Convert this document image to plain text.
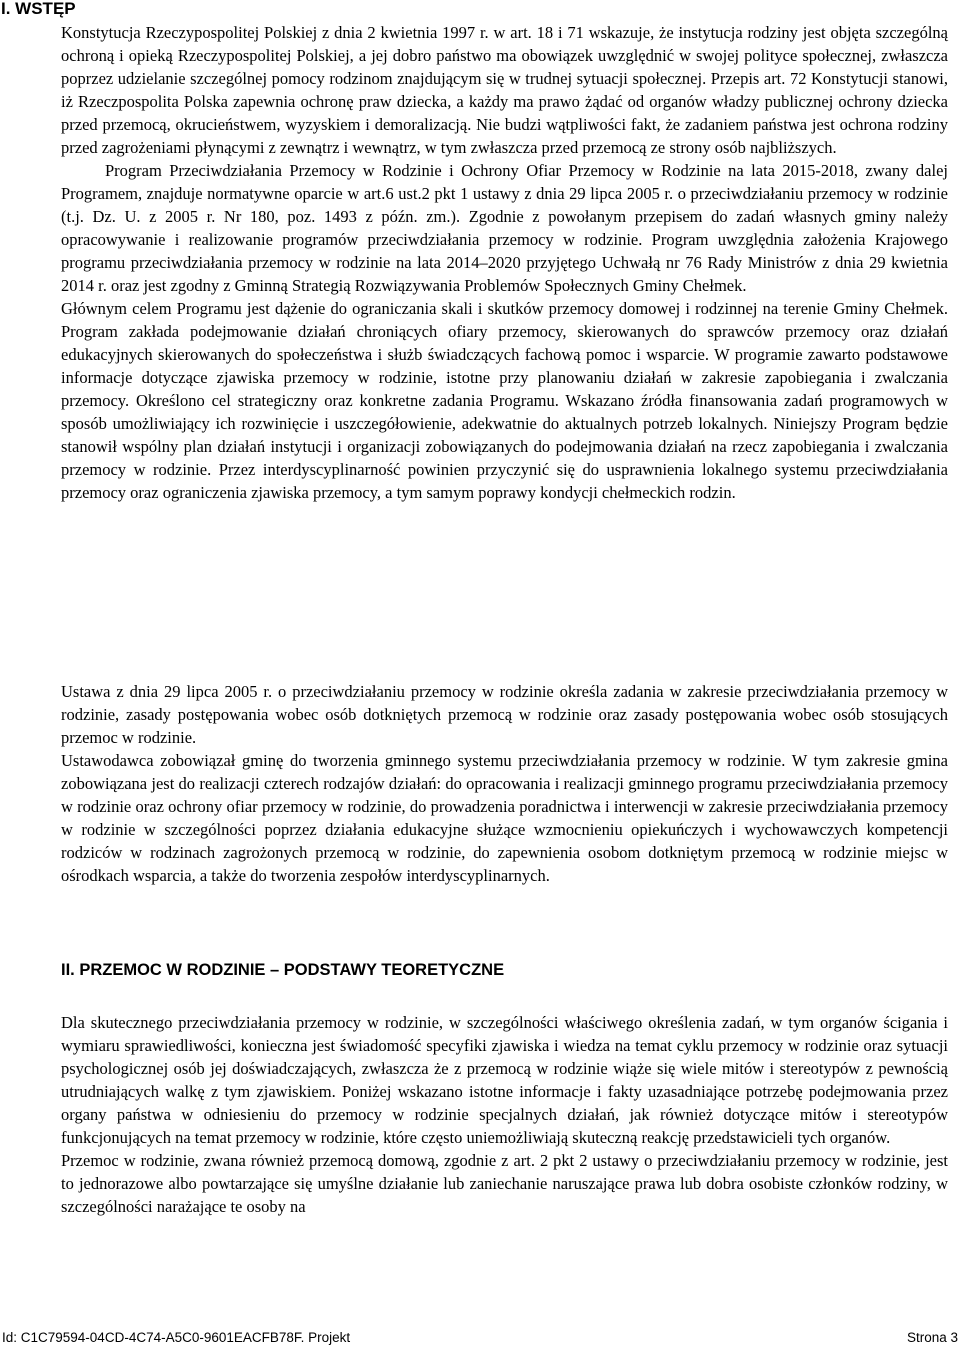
I. WSTĘP

Konstytucja Rzeczypospolitej Polskiej z dnia 2 kwietnia 1997 r. w art. 18 i 71 wskazuje, że instytucja rodziny jest objęta szczególną ochroną i opieką Rzeczypospolitej Polskiej, a jej dobro państwo ma obowiązek uwzględnić w swojej polityce społecznej, zwłaszcza poprzez udzielanie szczególnej pomocy rodzinom znajdującym się w trudnej sytuacji społecznej. Przepis art. 72 Konstytucji stanowi, iż Rzeczpospolita Polska zapewnia ochronę praw dziecka, a każdy ma prawo żądać od organów władzy publicznej ochrony dziecka przed przemocą, okrucieństwem, wyzyskiem i demoralizacją. Nie budzi wątpliwości fakt, że zadaniem państwa jest ochrona rodziny przed zagrożeniami płynącymi z zewnątrz i wewnątrz, w tym zwłaszcza przed przemocą ze strony osób najbliższych.

Program Przeciwdziałania Przemocy w Rodzinie i Ochrony Ofiar Przemocy w Rodzinie na lata 2015-2018, zwany dalej Programem, znajduje normatywne oparcie w art.6 ust.2 pkt 1 ustawy z dnia 29 lipca 2005 r. o przeciwdziałaniu przemocy w rodzinie (t.j. Dz. U. z 2005 r. Nr 180, poz. 1493 z późn. zm.). Zgodnie z powołanym przepisem do zadań własnych gminy należy opracowywanie i realizowanie programów przeciwdziałania przemocy w rodzinie. Program uwzględnia założenia Krajowego programu przeciwdziałania przemocy w rodzinie na lata 2014–2020 przyjętego Uchwałą nr 76 Rady Ministrów z dnia 29 kwietnia 2014 r. oraz jest zgodny z Gminną Strategią Rozwiązywania Problemów Społecznych Gminy Chełmek.

Głównym celem Programu jest dążenie do ograniczania skali i skutków przemocy domowej i rodzinnej na terenie Gminy Chełmek. Program zakłada podejmowanie działań chroniących ofiary przemocy, skierowanych do sprawców przemocy oraz działań edukacyjnych skierowanych do społeczeństwa i służb świadczących fachową pomoc i wsparcie. W programie zawarto podstawowe informacje dotyczące zjawiska przemocy w rodzinie, istotne przy planowaniu działań w zakresie zapobiegania i zwalczania przemocy. Określono cel strategiczny oraz konkretne zadania Programu. Wskazano źródła finansowania zadań programowych w sposób umożliwiający ich rozwinięcie i uszczegółowienie, adekwatnie do aktualnych potrzeb lokalnych. Niniejszy Program będzie stanowił wspólny plan działań instytucji i organizacji zobowiązanych do podejmowania działań na rzecz zapobiegania i zwalczania przemocy w rodzinie. Przez interdyscyplinarność powinien przyczynić się do usprawnienia lokalnego systemu przeciwdziałania przemocy oraz ograniczenia zjawiska przemocy, a tym samym poprawy kondycji chełmeckich rodzin.

Ustawa z dnia 29 lipca 2005 r. o przeciwdziałaniu przemocy w rodzinie określa zadania w zakresie przeciwdziałania przemocy w rodzinie, zasady postępowania wobec osób dotkniętych przemocą w rodzinie oraz zasady postępowania wobec osób stosujących przemoc w rodzinie.

Ustawodawca zobowiązał gminę do tworzenia gminnego systemu przeciwdziałania przemocy w rodzinie. W tym zakresie gmina zobowiązana jest do realizacji czterech rodzajów działań: do opracowania i realizacji gminnego programu przeciwdziałania przemocy w rodzinie oraz ochrony ofiar przemocy w rodzinie, do prowadzenia poradnictwa i interwencji w zakresie przeciwdziałania przemocy w rodzinie w szczególności poprzez działania edukacyjne służące wzmocnieniu opiekuńczych i wychowawczych kompetencji rodziców w rodzinach zagrożonych przemocą w rodzinie, do zapewnienia osobom dotkniętym przemocą w rodzinie miejsc w ośrodkach wsparcia, a także do tworzenia zespołów interdyscyplinarnych.

II. PRZEMOC W RODZINIE – PODSTAWY TEORETYCZNE

Dla skutecznego przeciwdziałania przemocy w rodzinie, w szczególności właściwego określenia zadań, w tym organów ścigania i wymiaru sprawiedliwości, konieczna jest świadomość specyfiki zjawiska i wiedza na temat cyklu przemocy w rodzinie oraz sytuacji psychologicznej osób jej doświadczających, zwłaszcza że z przemocą w rodzinie wiąże się wiele mitów i stereotypów z pewnością utrudniających walkę z tym zjawiskiem. Poniżej wskazano istotne informacje i fakty uzasadniające potrzebę podejmowania przez organy państwa w odniesieniu do przemocy w rodzinie specjalnych działań, jak również dotyczące mitów i stereotypów funkcjonujących na temat przemocy w rodzinie, które często uniemożliwiają skuteczną reakcję przedstawicieli tych organów.

Przemoc w rodzinie, zwana również przemocą domową, zgodnie z art. 2 pkt 2 ustawy o przeciwdziałaniu przemocy w rodzinie, jest to jednorazowe albo powtarzające się umyślne działanie lub zaniechanie naruszające prawa lub dobra osobiste członków rodziny, w szczególności narażające te osoby na

Id: C1C79594-04CD-4C74-A5C0-9601EACFB78F. Projekt	Strona 3
